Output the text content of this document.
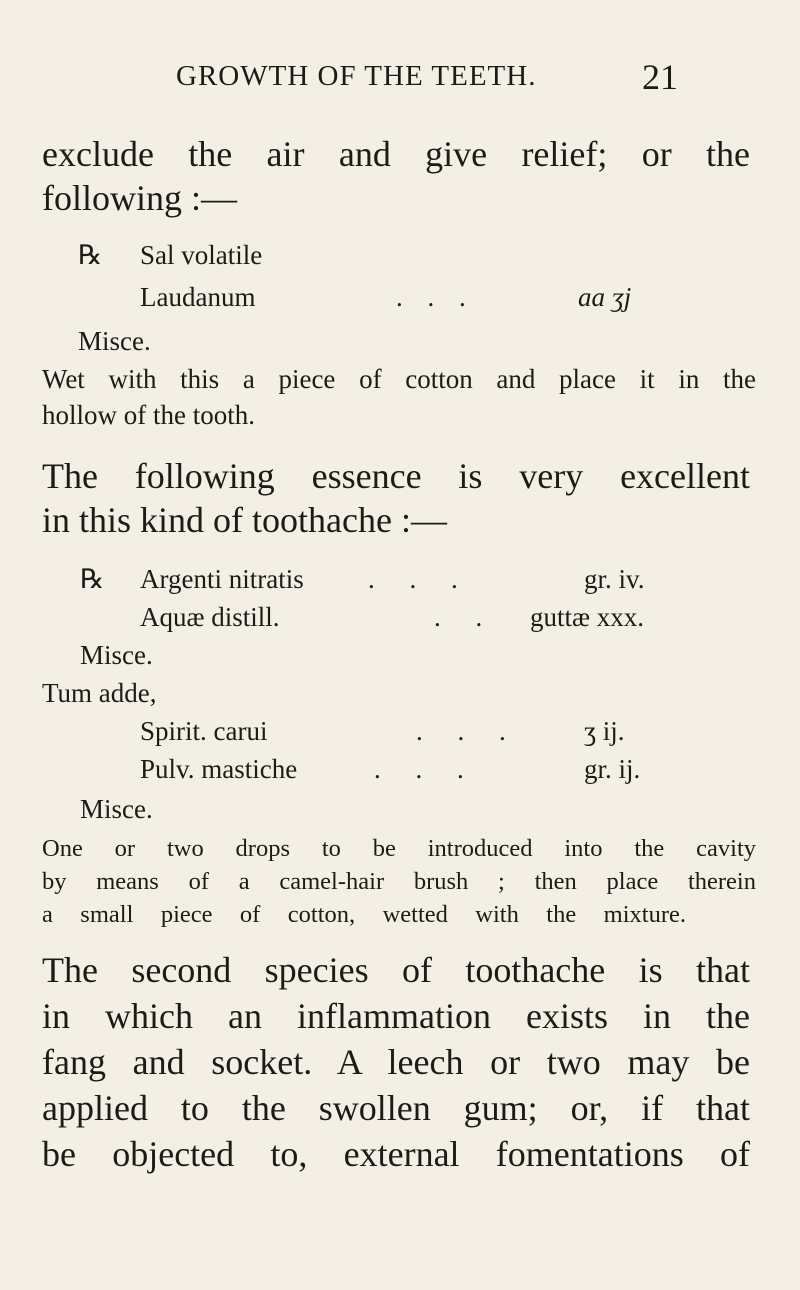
GROWTH OF THE TEETH.	21
exclude the air and give relief; or the
following :—
℞ Sal volatile
Laudanum	. . .	aa ʒj
Misce.
Wet with this a piece of cotton and place it in the
hollow of the tooth.
The following essence is very excellent
in this kind of toothache :—
℞ Argenti nitratis . . .	gr. iv.
Aquæ distill.	. . guttæ xxx.
Misce.
Tum adde,
Spirit. carui	. . .	ʒ ij.
Pulv. mastiche	. . .	gr. ij.
Misce.
One or two drops to be introduced into the cavity
by means of a camel-hair brush ; then place therein
a small piece of cotton, wetted with the mixture.
The second species of toothache is that
in which an inflammation exists in the
fang and socket. A leech or two may be
applied to the swollen gum; or, if that
be objected to, external fomentations of
